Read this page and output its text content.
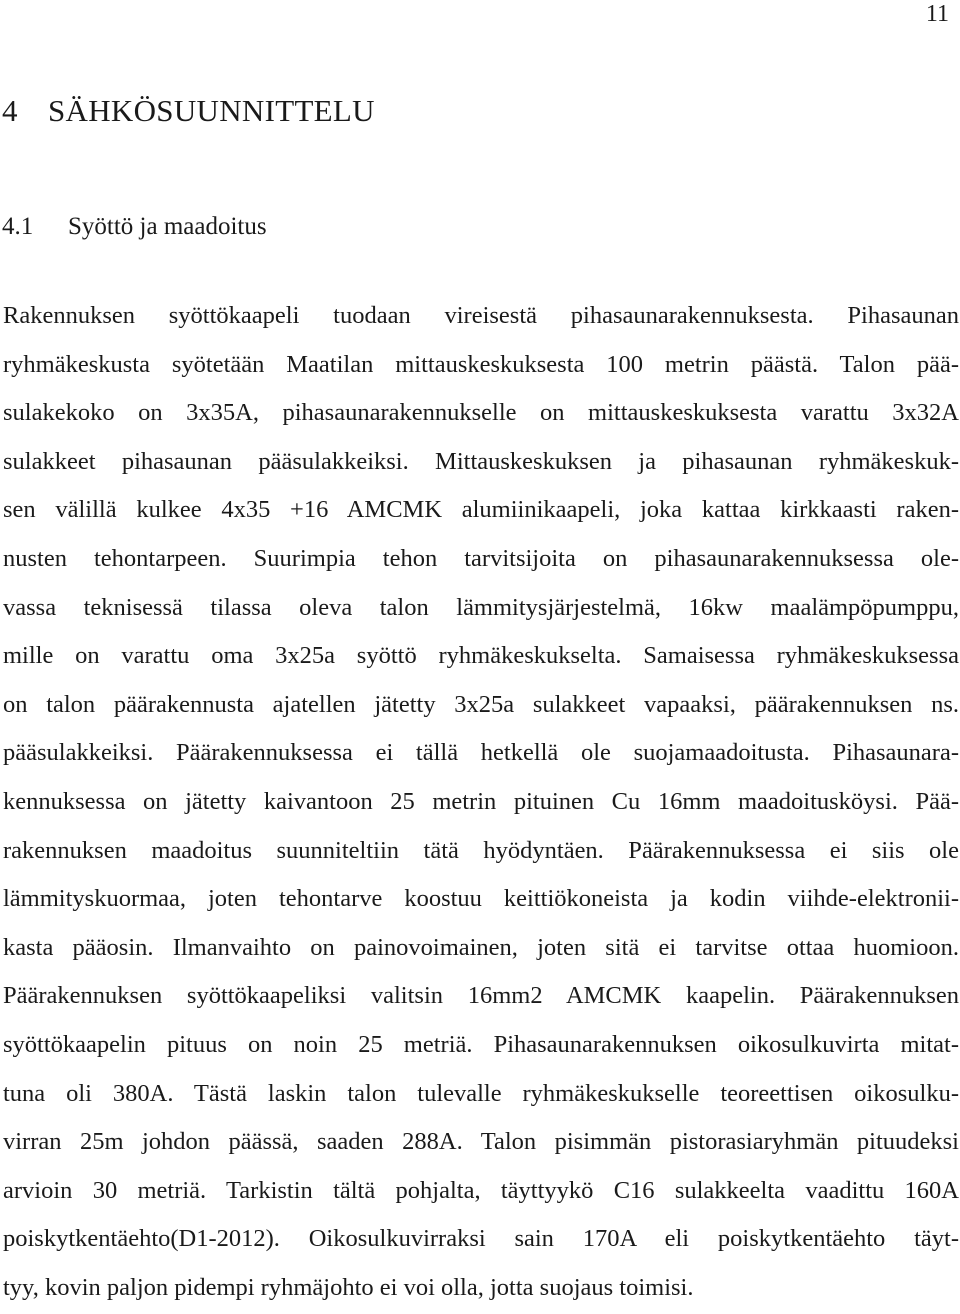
11
4 SÄHKÖSUUNNITTELU
4.1 Syöttö ja maadoitus
Rakennuksen syöttökaapeli tuodaan vireisestä pihasaunarakennuksesta. Pihasaunan
ryhmäkeskusta syötetään Maatilan mittauskeskuksesta 100 metrin päästä. Talon pää-
sulakekoko on 3x35A, pihasaunarakennukselle on mittauskeskuksesta varattu 3x32A
sulakkeet pihasaunan pääsulakkeiksi. Mittauskeskuksen ja pihasaunan ryhmäkeskuk-
sen välillä kulkee 4x35 +16 AMCMK alumiinikaapeli, joka kattaa kirkkaasti raken-
nusten tehontarpeen. Suurimpia tehon tarvitsijoita on pihasaunarakennuksessa ole-
vassa teknisessä tilassa oleva talon lämmitysjärjestelmä, 16kw maalämpöpumppu,
mille on varattu oma 3x25a syöttö ryhmäkeskukselta. Samaisessa ryhmäkeskuksessa
on talon päärakennusta ajatellen jätetty 3x25a sulakkeet vapaaksi, päärakennuksen ns.
pääsulakkeiksi. Päärakennuksessa ei tällä hetkellä ole suojamaadoitusta. Pihasaunara-
kennuksessa on jätetty kaivantoon 25 metrin pituinen Cu 16mm maadoitusköysi. Pää-
rakennuksen maadoitus suunniteltiin tätä hyödyntäen. Päärakennuksessa ei siis ole
lämmityskuormaa, joten tehontarve koostuu keittiökoneista ja kodin viihde-elektronii-
kasta pääosin. Ilmanvaihto on painovoimainen, joten sitä ei tarvitse ottaa huomioon.
Päärakennuksen syöttökaapeliksi valitsin 16mm2 AMCMK kaapelin. Päärakennuksen
syöttökaapelin pituus on noin 25 metriä. Pihasaunarakennuksen oikosulkuvirta mitat-
tuna oli 380A. Tästä laskin talon tulevalle ryhmäkeskukselle teoreettisen oikosulku-
virran 25m johdon päässä, saaden 288A. Talon pisimmän pistorasiaryhmän pituudeksi
arvioin 30 metriä. Tarkistin tältä pohjalta, täyttyykö C16 sulakkeelta vaadittu 160A
poiskytkentäehto(D1-2012). Oikosulkuvirraksi sain 170A eli poiskytkentäehto täyt-
tyy, kovin paljon pidempi ryhmäjohto ei voi olla, jotta suojaus toimisi.
